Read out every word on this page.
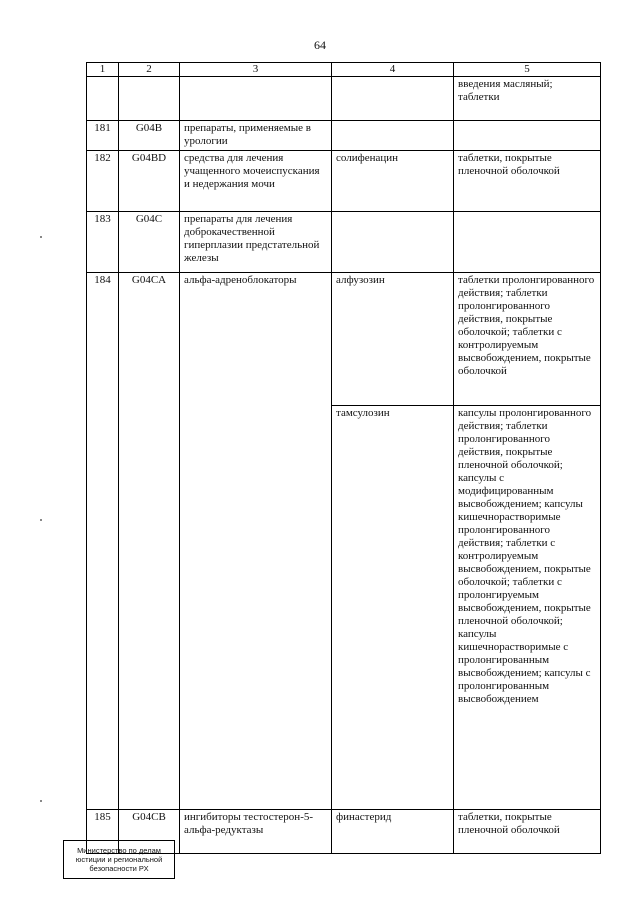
64
1	2	3	4	5
				введения масляный; таблетки
181	G04B	препараты, применяемые в урологии		
182	G04BD	средства для лечения учащенного мочеиспускания и недержания мочи	солифенацин	таблетки, покрытые пленочной оболочкой
183	G04C	препараты для лечения доброкачественной гиперплазии предстательной железы		
184	G04CA	альфа-адреноблокаторы	алфузозин	таблетки пролонгированного действия; таблетки пролонгированного действия, покрытые оболочкой; таблетки с контролируемым высвобождением, покрытые оболочкой
			тамсулозин	капсулы пролонгированного действия; таблетки пролонгированного действия, покрытые пленочной оболочкой; капсулы с модифицированным высвобождением; капсулы кишечнорастворимые пролонгированного действия; таблетки с контролируемым высвобождением, покрытые оболочкой; таблетки с пролонгируемым высвобождением, покрытые пленочной оболочкой; капсулы кишечнорастворимые с пролонгированным высвобождением; капсулы с пролонгированным высвобождением
185	G04CB	ингибиторы тестостерон-5-альфа-редуктазы	финастерид	таблетки, покрытые пленочной оболочкой
Министерство по делам
юстиции и региональной
безопасности РХ
